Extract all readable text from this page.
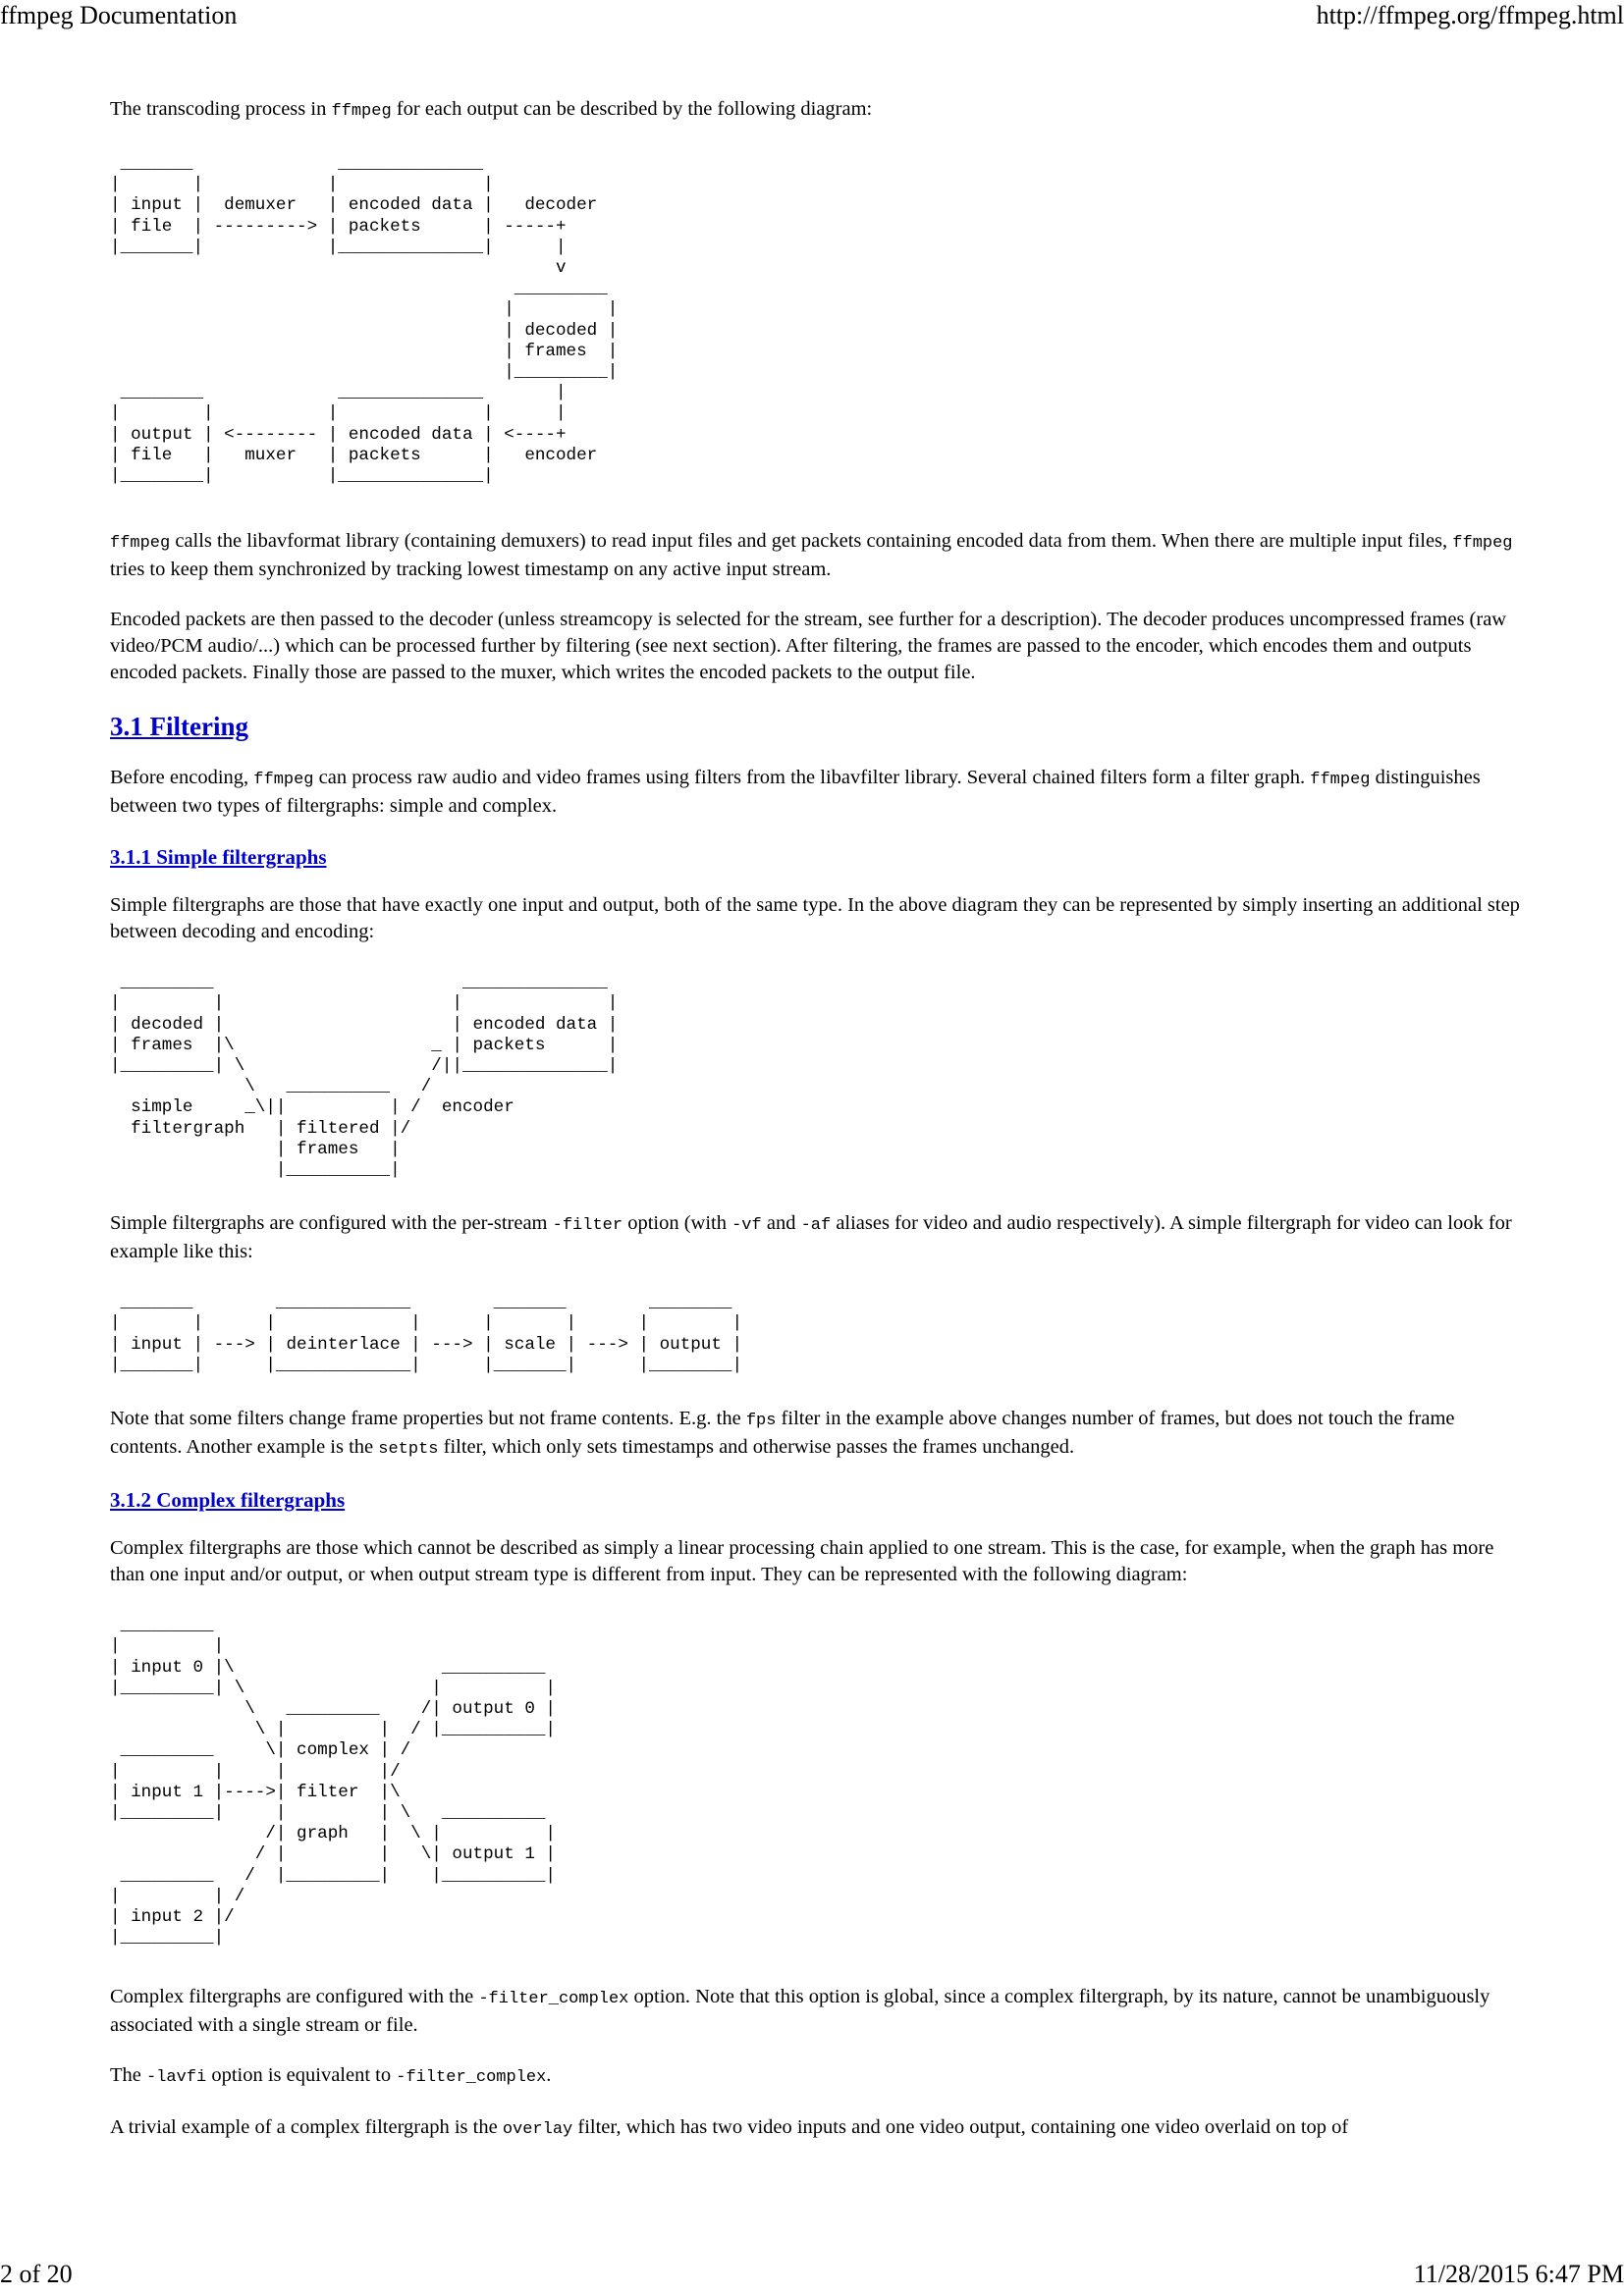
ffmpeg Documentation	http://ffmpeg.org/ffmpeg.html

The transcoding process in ffmpeg for each output can be described by the following diagram:

_______              ______________
|       |            |              |
| input |  demuxer   | encoded data |   decoder
| file  | ---------> | packets      | -----+
|_______|            |______________|      |
v
_________
|         |
| decoded |
| frames  |
|_________|
________             ______________       |
|        |           |              |      |
| output | <-------- | encoded data | <----+
| file   |   muxer   | packets      |   encoder
|________|           |______________|

ffmpeg calls the libavformat library (containing demuxers) to read input files and get packets containing encoded data from them. When there are multiple input files, ffmpeg tries to keep them synchronized by tracking lowest timestamp on any active input stream.

Encoded packets are then passed to the decoder (unless streamcopy is selected for the stream, see further for a description). The decoder produces uncompressed frames (raw video/PCM audio/...) which can be processed further by filtering (see next section). After filtering, the frames are passed to the encoder, which encodes them and outputs encoded packets. Finally those are passed to the muxer, which writes the encoded packets to the output file.

3.1 Filtering

Before encoding, ffmpeg can process raw audio and video frames using filters from the libavfilter library. Several chained filters form a filter graph. ffmpeg distinguishes between two types of filtergraphs: simple and complex.

3.1.1 Simple filtergraphs

Simple filtergraphs are those that have exactly one input and output, both of the same type. In the above diagram they can be represented by simply inserting an additional step between decoding and encoding:

_________                        ______________
|         |                      |              |
| decoded |                      | encoded data |
| frames  |\                   _ | packets      |
|_________| \                  /||______________|
\   __________   /
simple     _\||          | /  encoder
filtergraph   | filtered |/
| frames   |
|__________|

Simple filtergraphs are configured with the per-stream -filter option (with -vf and -af aliases for video and audio respectively). A simple filtergraph for video can look for example like this:

_______        _____________        _______        ________
|       |      |             |      |       |      |        |
| input | ---> | deinterlace | ---> | scale | ---> | output |
|_______|      |_____________|      |_______|      |________|

Note that some filters change frame properties but not frame contents. E.g. the fps filter in the example above changes number of frames, but does not touch the frame contents. Another example is the setpts filter, which only sets timestamps and otherwise passes the frames unchanged.

3.1.2 Complex filtergraphs

Complex filtergraphs are those which cannot be described as simply a linear processing chain applied to one stream. This is the case, for example, when the graph has more than one input and/or output, or when output stream type is different from input. They can be represented with the following diagram:

_________
|         |
| input 0 |\                    __________
|_________| \                  |          |
\   _________    /| output 0 |
\ |         |  / |__________|
_________     \| complex | /
|         |     |         |/
| input 1 |---->| filter  |\
|_________|     |         | \   __________
/| graph   |  \ |          |
/ |         |   \| output 1 |
_________   /  |_________|    |__________|
|         | /
| input 2 |/
|_________|

Complex filtergraphs are configured with the -filter_complex option. Note that this option is global, since a complex filtergraph, by its nature, cannot be unambiguously associated with a single stream or file.

The -lavfi option is equivalent to -filter_complex.

A trivial example of a complex filtergraph is the overlay filter, which has two video inputs and one video output, containing one video overlaid on top of

2 of 20	11/28/2015 6:47 PM
